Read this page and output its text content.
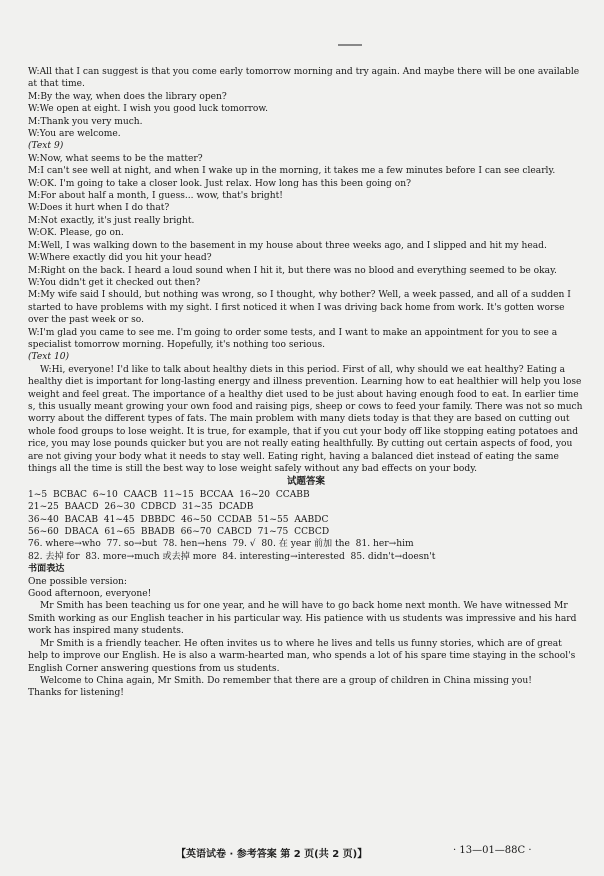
W:All that I can suggest is that you come early tomorrow morning and try again. And maybe there will be one available at that time.

M:By the way, when does the library open?

W:We open at eight. I wish you good luck tomorrow.

M:Thank you very much.

W:You are welcome.

(Text 9)

W:Now, what seems to be the matter?

M:I can't see well at night, and when I wake up in the morning, it takes me a few minutes before I can see clearly.

W:OK. I'm going to take a closer look. Just relax. How long has this been going on?

M:For about half a month, I guess... wow, that's bright!

W:Does it hurt when I do that?

M:Not exactly, it's just really bright.

W:OK. Please, go on.

M:Well, I was walking down to the basement in my house about three weeks ago, and I slipped and hit my head.

W:Where exactly did you hit your head?

M:Right on the back. I heard a loud sound when I hit it, but there was no blood and everything seemed to be okay.

W:You didn't get it checked out then?

M:My wife said I should, but nothing was wrong, so I thought, why bother? Well, a week passed, and all of a sudden I started to have problems with my sight. I first noticed it when I was driving back home from work. It's gotten worse over the past week or so.

W:I'm glad you came to see me. I'm going to order some tests, and I want to make an appointment for you to see a specialist tomorrow morning. Hopefully, it's nothing too serious.

(Text 10)

W:Hi, everyone! I'd like to talk about healthy diets in this period. First of all, why should we eat healthy? Eating a healthy diet is important for long-lasting energy and illness prevention. Learning how to eat healthier will help you lose weight and feel great. The importance of a healthy diet used to be just about having enough food to eat. In earlier time s, this usually meant growing your own food and raising pigs, sheep or cows to feed your family. There was not so much worry about the different types of fats. The main problem with many diets today is that they are based on cutting out whole food groups to lose weight. It is true, for example, that if you cut your body off like stopping eating potatoes and rice, you may lose pounds quicker but you are not really eating healthfully. By cutting out certain aspects of food, you are not giving your body what it needs to stay well. Eating right, having a balanced diet instead of eating the same things all the time is still the best way to lose weight safely without any bad effects on your body.

试题答案

1~5  BCBAC  6~10  CAACB  11~15  BCCAA  16~20  CCABB

21~25  BAACD  26~30  CDBCD  31~35  DCADB

36~40  BACAB  41~45  DBBDC  46~50  CCDAB  51~55  AABDC

56~60  DBACA  61~65  BBADB  66~70  CABCD  71~75  CCBCD

76. where→who  77. so→but  78. hen→hens  79. √  80. 在 year 前加 the  81. her→him

82. 去掉 for  83. more→much 或去掉 more  84. interesting→interested  85. didn't→doesn't

书面表达

One possible version:

Good afternoon, everyone!

Mr Smith has been teaching us for one year, and he will have to go back home next month. We have witnessed Mr Smith working as our English teacher in his particular way. His patience with us students was impressive and his hard work has inspired many students.

Mr Smith is a friendly teacher. He often invites us to where he lives and tells us funny stories, which are of great help to improve our English. He is also a warm-hearted man, who spends a lot of his spare time staying in the school's English Corner answering questions from us students.

Welcome to China again, Mr Smith. Do remember that there are a group of children in China missing you!

Thanks for listening!

【英语试卷 · 参考答案 第 2 页(共 2 页)】	· 13—01—88C ·
